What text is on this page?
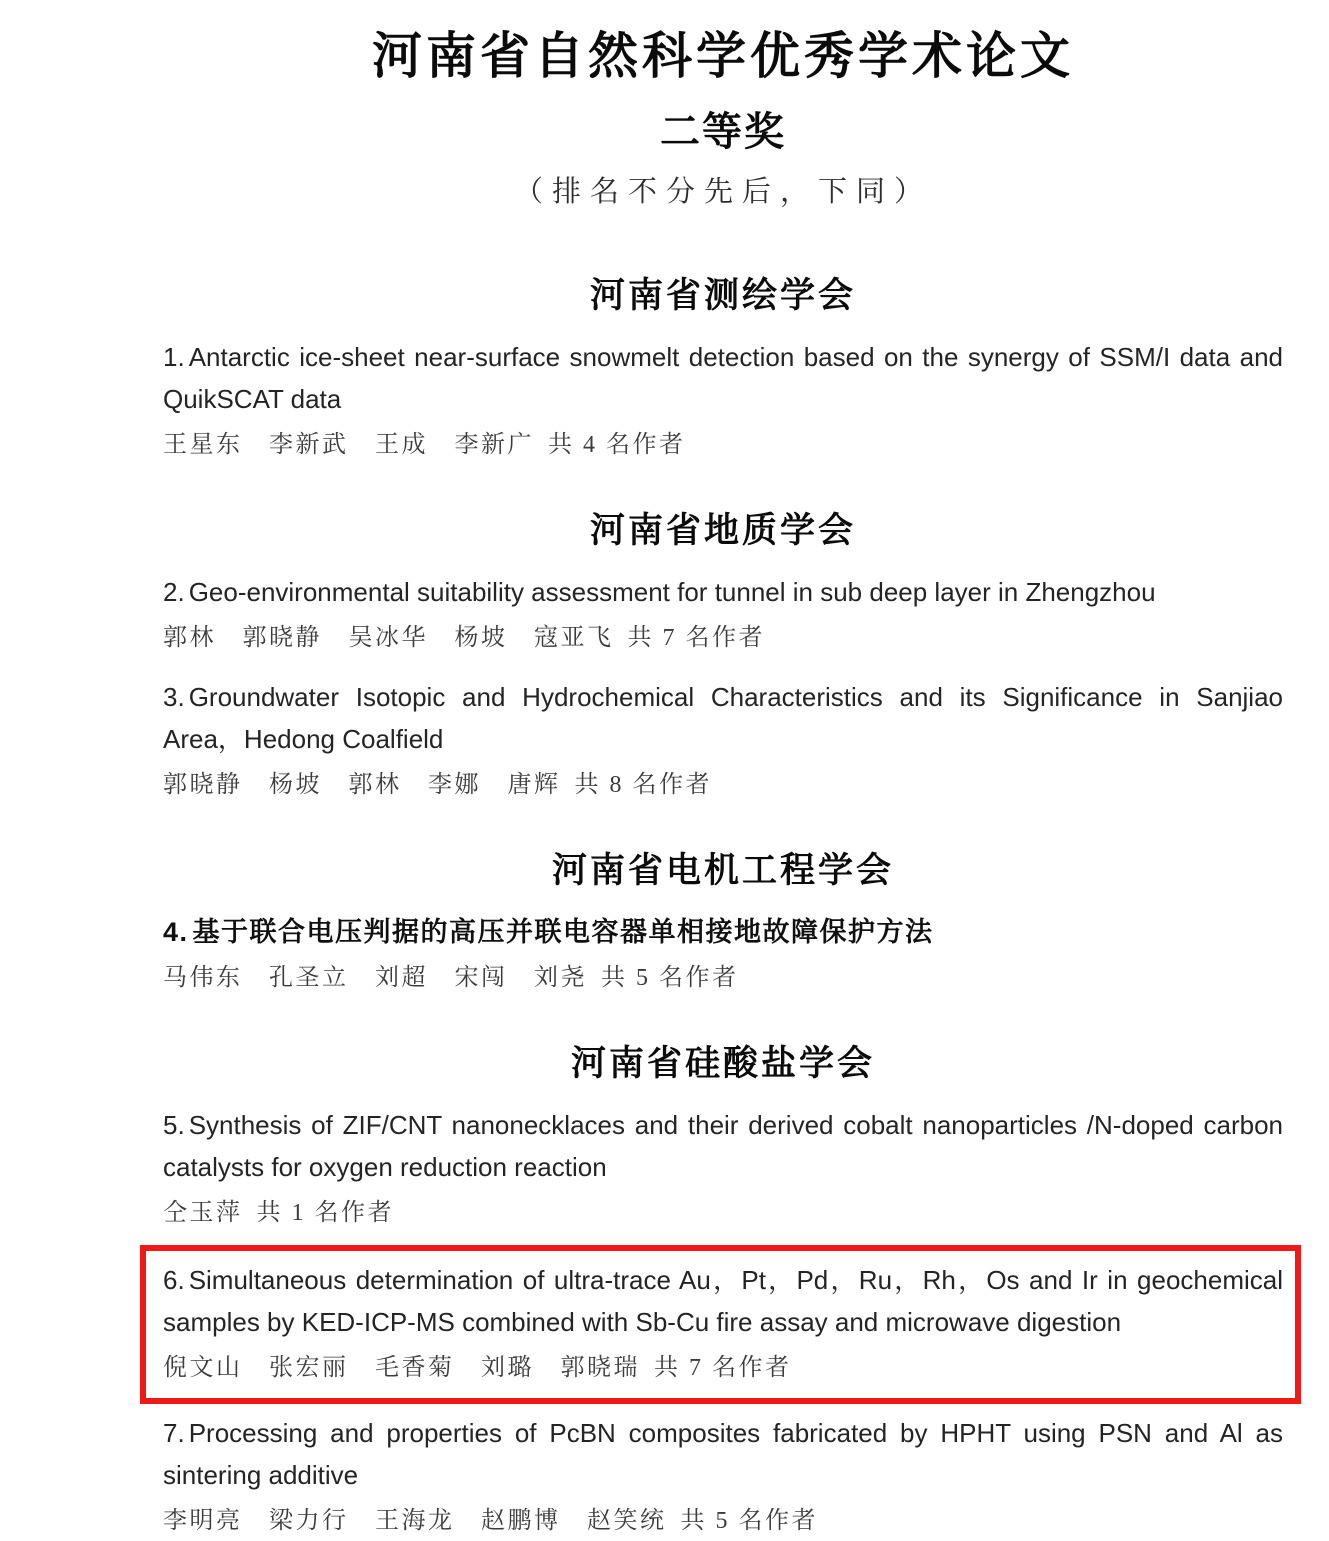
河南省自然科学优秀学术论文
二等奖
（排名不分先后，下同）
河南省测绘学会

1. Antarctic ice-sheet near-surface snowmelt detection based on the synergy of SSM/I data and QuikSCAT data

王星东　李新武　王成　李新广 共 4 名作者

河南省地质学会

2. Geo-environmental suitability assessment for tunnel in sub deep layer in Zhengzhou

郭林　郭晓静　吴冰华　杨坡　寇亚飞 共 7 名作者

3. Groundwater Isotopic and Hydrochemical Characteristics and its Significance in Sanjiao Area，Hedong Coalfield

郭晓静　杨坡　郭林　李娜　唐辉 共 8 名作者

河南省电机工程学会

4. 基于联合电压判据的高压并联电容器单相接地故障保护方法

马伟东　孔圣立　刘超　宋闯　刘尧 共 5 名作者

河南省硅酸盐学会

5. Synthesis of ZIF/CNT nanonecklaces and their derived cobalt nanoparticles /N-doped carbon catalysts for oxygen reduction reaction

仝玉萍 共 1 名作者

6. Simultaneous determination of ultra-trace Au，Pt，Pd，Ru，Rh，Os and Ir in geochemical samples by KED-ICP-MS combined with Sb-Cu fire assay and microwave digestion

倪文山　张宏丽　毛香菊　刘璐　郭晓瑞 共 7 名作者

7. Processing and properties of PcBN composites fabricated by HPHT using PSN and Al as sintering additive

李明亮　梁力行　王海龙　赵鹏博　赵笑统 共 5 名作者
